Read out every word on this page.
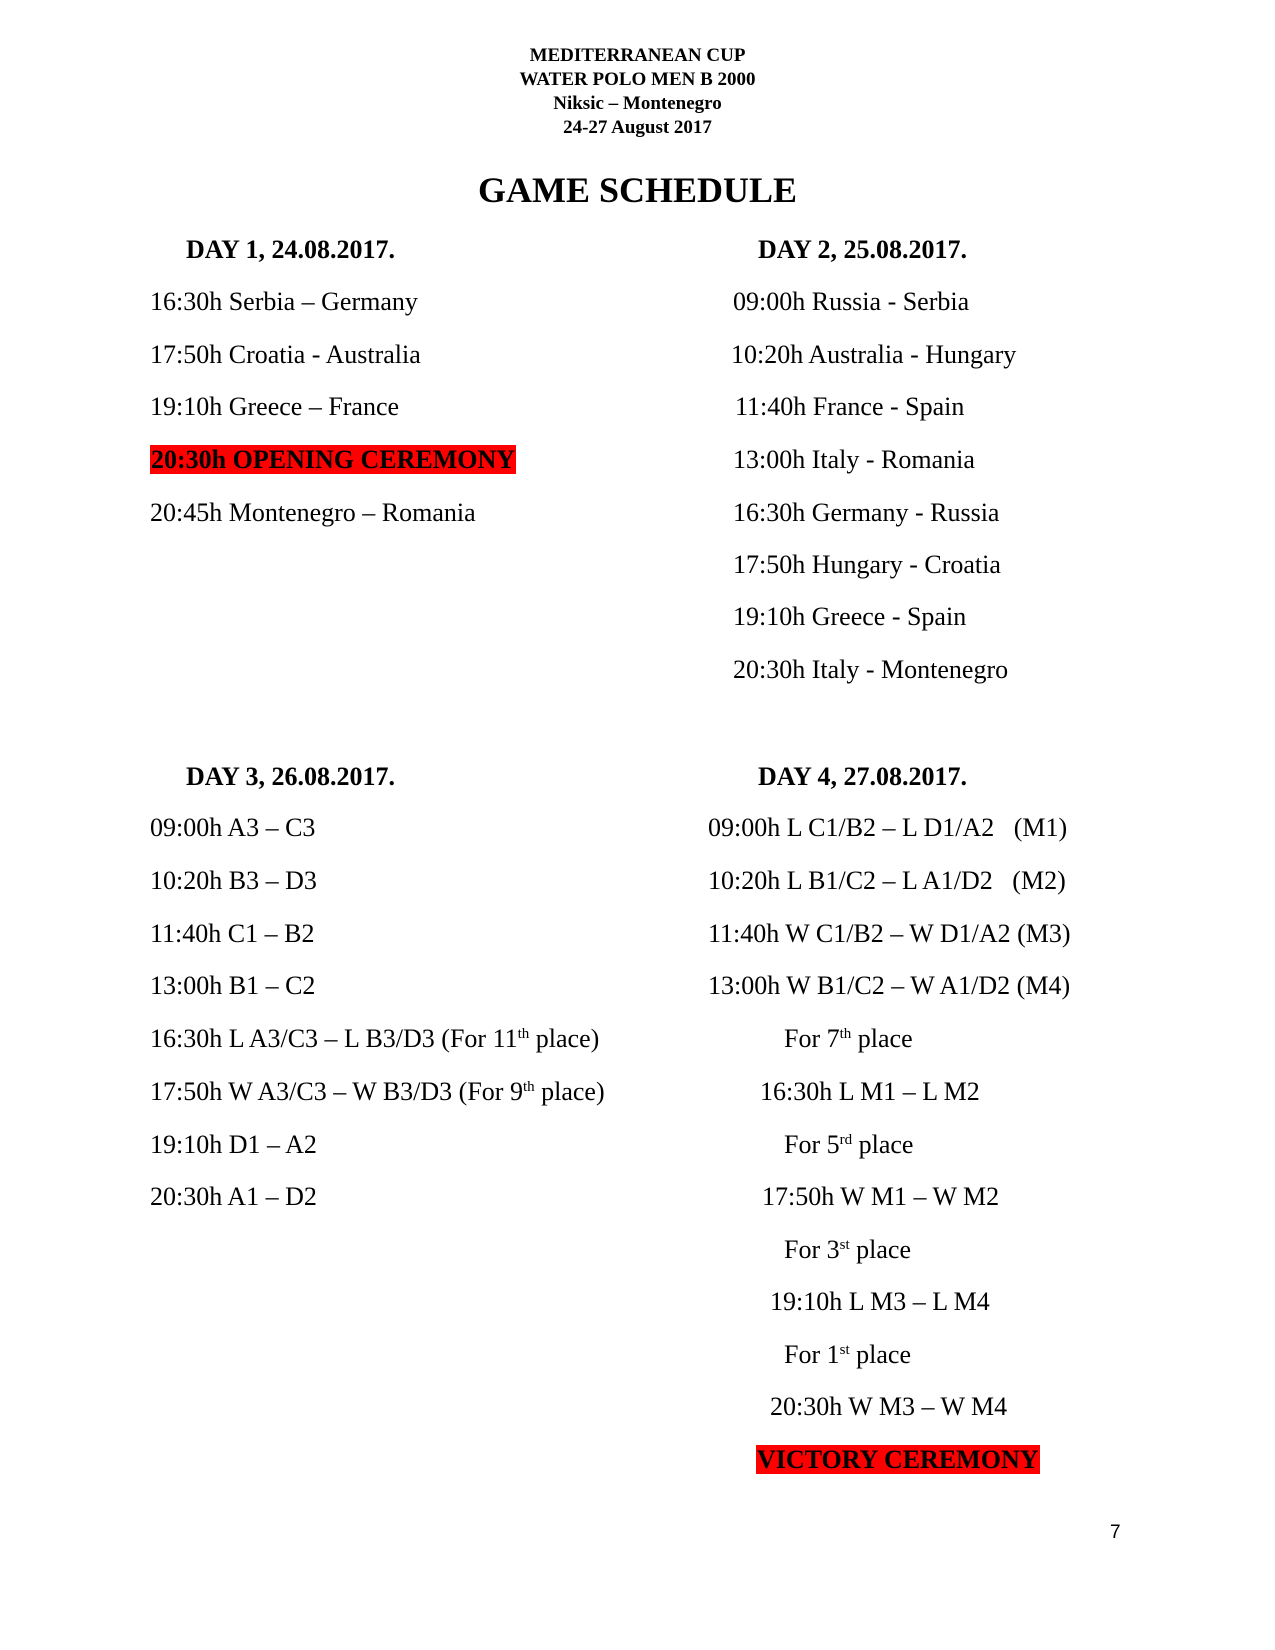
MEDITERRANEAN CUP
WATER POLO MEN B 2000
Niksic – Montenegro
24-27 August 2017
GAME SCHEDULE
DAY 1, 24.08.2017.
16:30h Serbia – Germany
17:50h Croatia - Australia
19:10h Greece – France
20:30h OPENING CEREMONY
20:45h Montenegro – Romania
DAY 2, 25.08.2017.
09:00h Russia - Serbia
10:20h Australia - Hungary
11:40h France - Spain
13:00h Italy - Romania
16:30h Germany - Russia
17:50h Hungary - Croatia
19:10h Greece - Spain
20:30h Italy - Montenegro
DAY 3, 26.08.2017.
09:00h A3 – C3
10:20h B3 – D3
11:40h C1 – B2
13:00h B1 – C2
16:30h L A3/C3 – L B3/D3 (For 11th place)
17:50h W A3/C3 – W B3/D3 (For 9th place)
19:10h D1 – A2
20:30h A1 – D2
DAY 4, 27.08.2017.
09:00h L C1/B2 – L D1/A2   (M1)
10:20h L B1/C2 – L A1/D2   (M2)
11:40h W C1/B2 – W D1/A2 (M3)
13:00h W B1/C2 – W A1/D2 (M4)
For 7th place
16:30h L M1 – L M2
For 5rd place
17:50h W M1 – W M2
For 3st place
19:10h L M3 – L M4
For 1st place
20:30h W M3 – W M4
VICTORY CEREMONY
7
